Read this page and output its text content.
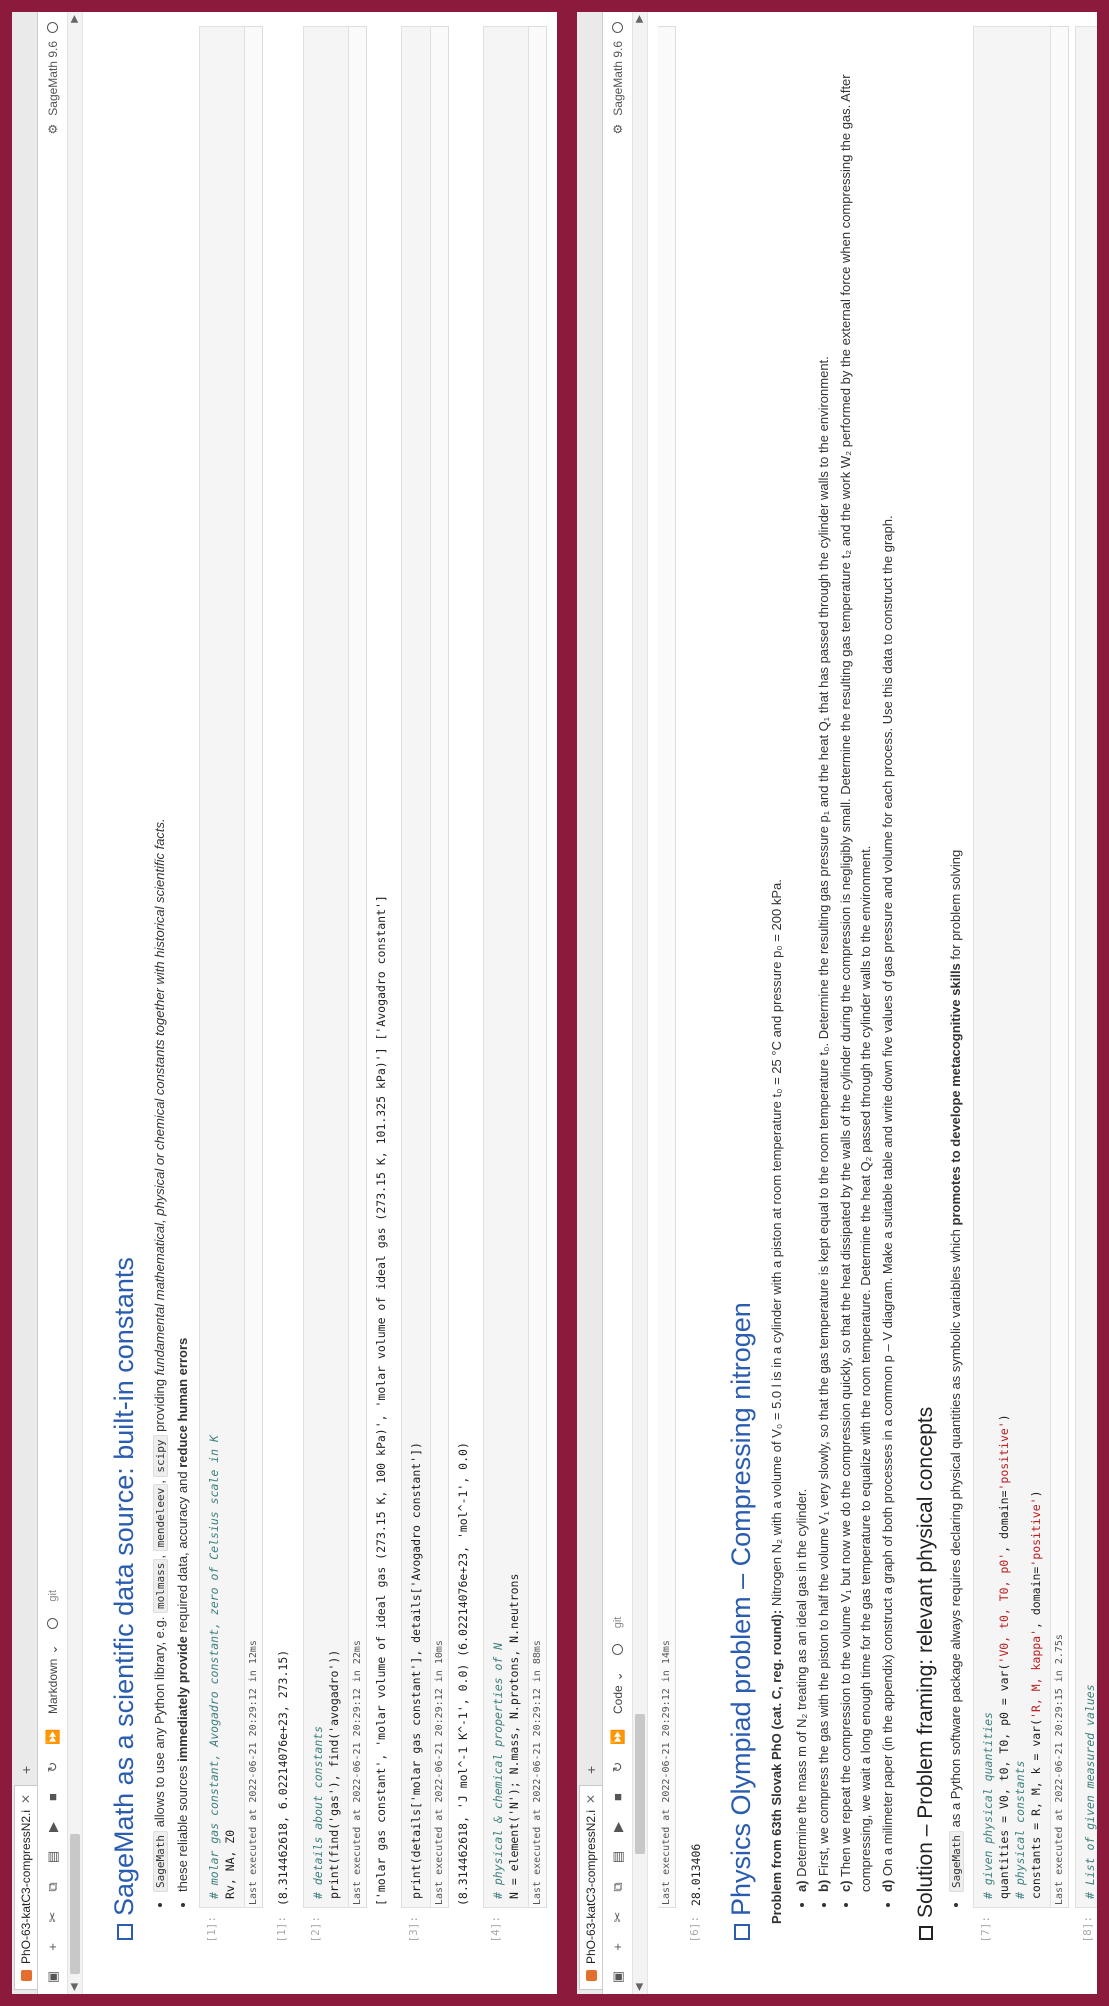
PhO-63-katC3-compressN2.i
✕
+
▣
+
✂
⧉
▤
▶
■
↻
⏩
Markdown
⌄
git
⚙
SageMath 9.6
◀
▶
SageMath as a scientific data source: built-in constants	• SageMath allows to use any Python library, e.g. molmass, mendeleev, scipy providing fundamental mathematical, physical or chemical constants together with historical scientific facts.
• these reliable sources immediately provide required data, accuracy and reduce human errors
[1]:
# molar gas constant, Avogadro constant, zero of Celsius scale in K Rv, NA, Z0	Last executed at 2022-06-21 20:29:12 in 12ms
[1]:
(8.314462618, 6.02214076e+23, 273.15)
[2]:
# details about constants print(find('gas'), find('avogadro'))	Last executed at 2022-06-21 20:29:12 in 22ms ['molar gas constant', 'molar volume of ideal gas (273.15 K, 100 kPa)', 'molar volume of ideal gas (273.15 K, 101.325 kPa)'] ['Avogadro constant']
[3]:
print(details['molar gas constant'], details['Avogadro constant'])	Last executed at 2022-06-21 20:29:12 in 10ms (8.314462618, 'J mol^-1 K^-1', 0.0) (6.02214076e+23, 'mol^-1', 0.0)
[4]:
# physical & chemical properties of N N = element('N'); N.mass, N.protons, N.neutrons	Last executed at 2022-06-21 20:29:12 in 88ms	PhO-63-katC3-compressN2.i
✕
+
▣
+
✂
⧉
▤
▶
■
↻
⏩
Code
⌄
git
⚙
SageMath 9.6
◀
▶
Last executed at 2022-06-21 20:29:12 in 14ms
[6]:
28.013406 Physics Olympiad problem – Compressing nitrogen Problem from 63th Slovak PhO (cat. C, reg. round): Nitrogen N₂ with a volume of V₀ = 5.0 l is in a cylinder with a piston at room temperature t₀ = 25 °C and pressure p₀ = 200 kPa.
• a) Determine the mass m of N₂ treating as an ideal gas in the cylinder.
• b) First, we compress the gas with the piston to half the volume V₁ very slowly, so that the gas temperature is kept equal to the room temperature t₀. Determine the resulting gas pressure p₁ and the heat Q₁ that has passed through the cylinder walls to the environment.
• c) Then we repeat the compression to the volume V₁ but now we do the compression quickly, so that the heat dissipated by the walls of the cylinder during the compression is negligibly small. Determine the resulting gas temperature t₂ and the work W₂ performed by the external force when compressing the gas. After compressing, we wait a long enough time for the gas temperature to equalize with the room temperature. Determine the heat Q₂ passed through the cylinder walls to the environment. • d) On a milimeter paper (in the appendix) construct a graph of both processes in a common p – V diagram. Make a suitable table and write down five values of gas pressure and volume for each process. Use this data to construct the graph. Solution – Problem framing: relevant physical concepts	• SageMath as a Python software package always requires declaring physical quantities as symbolic variables which promotes to develope metacognitive skills for problem solving
[7]:
# given physical quantities
quantities = V0, t0, T0, p0 = var('V0, t0, T0, p0', domain='positive')
# physical constants
constants = R, M, k = var('R, M, kappa', domain='positive')
Last executed at 2022-06-21 20:29:15 in 2.75s
[8]:
# List of given measured values
